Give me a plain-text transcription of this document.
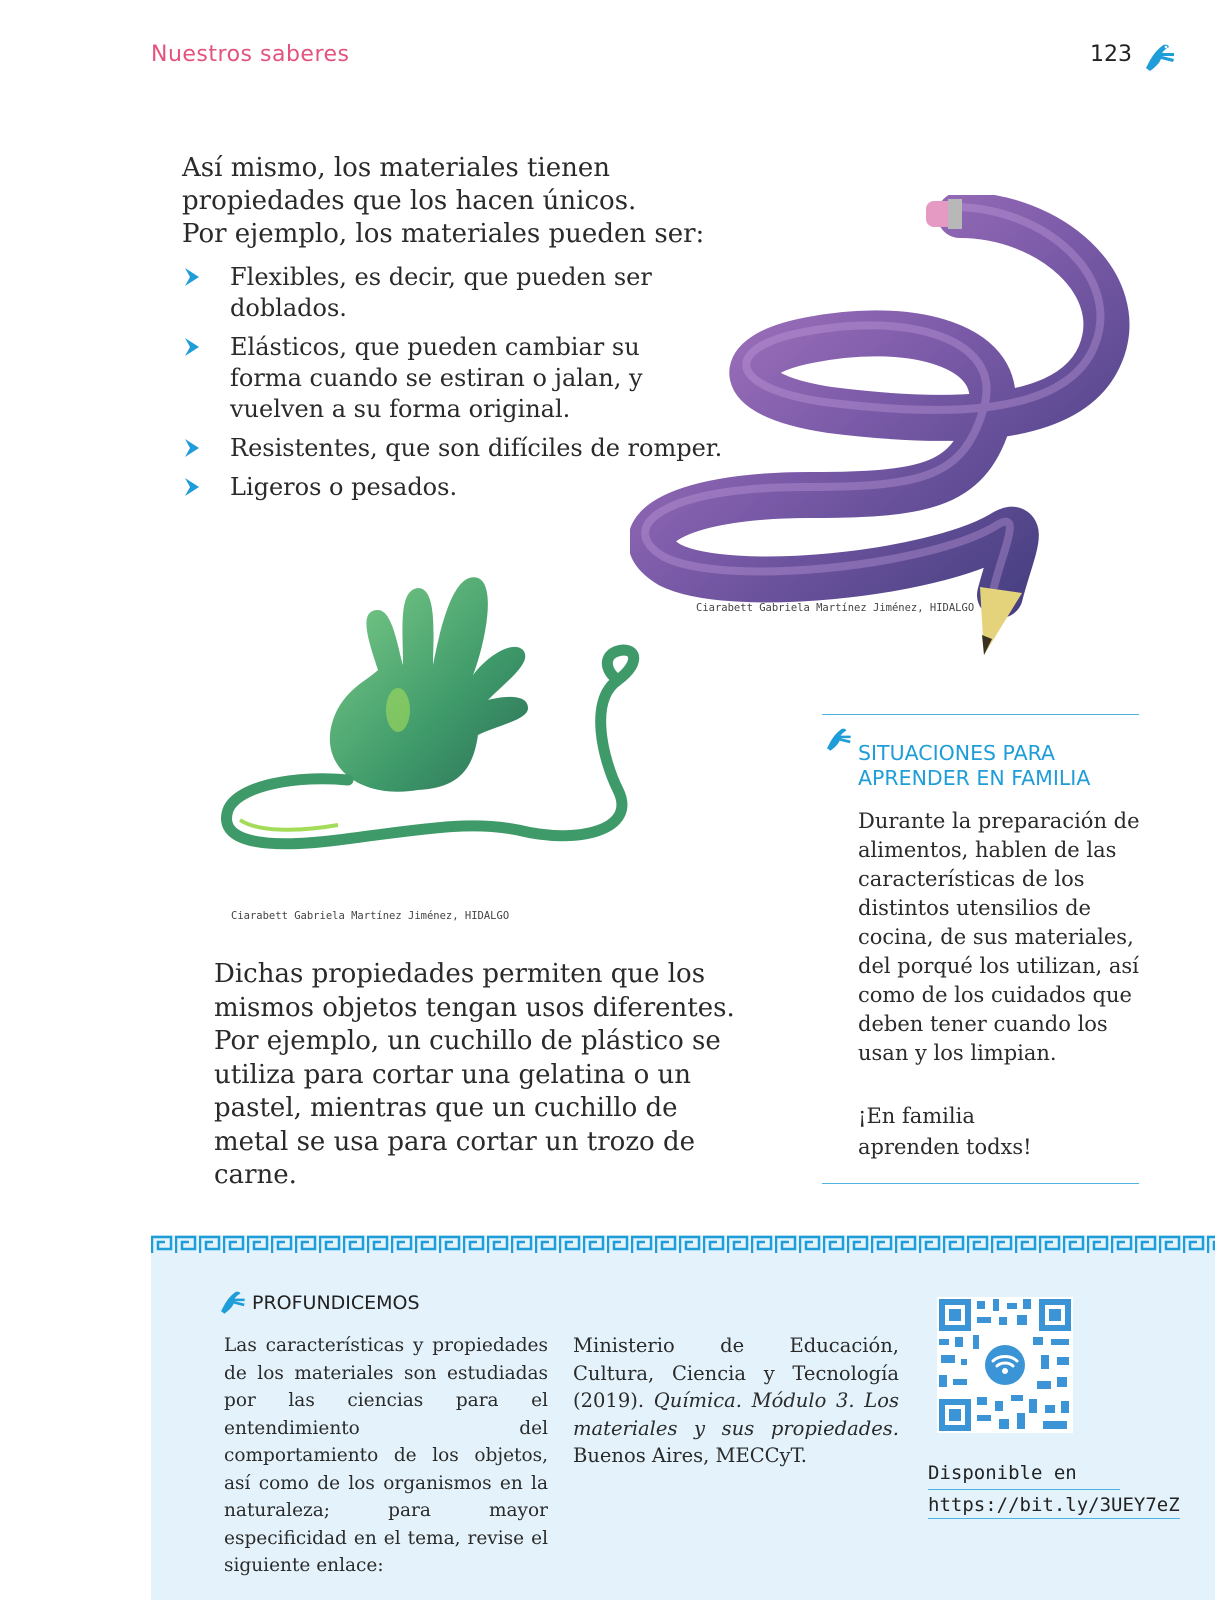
Nuestros saberes	123

Así mismo, los materiales tienen

propiedades que los hacen únicos.

Por ejemplo, los materiales pueden ser:

Flexibles, es decir, que pueden ser doblados.
Elásticos, que pueden cambiar su forma cuando se estiran o jalan, y vuelven a su forma original.
Resistentes, que son difíciles de romper.
Ligeros o pesados.
Ciarabett Gabriela Martínez Jiménez, HIDALGO
Ciarabett Gabriela Martínez Jiménez, HIDALGO

Dichas propiedades permiten que los mismos objetos tengan usos diferentes. Por ejemplo, un cuchillo de plástico se utiliza para cortar una gelatina o un pastel, mientras que un cuchillo de metal se usa para cortar un trozo de carne.

SITUACIONES PARA
APRENDER EN FAMILIA

Durante la preparación de alimentos, hablen de las características de los distintos utensilios de cocina, de sus materiales, del porqué los utilizan, así como de los cuidados que deben tener cuando los usan y los limpian.

¡En familia
aprenden todxs!
PROFUNDICEMOS

Las características y propiedades de los materiales son estudiadas por las ciencias para el entendimiento del comportamiento de los objetos, así como de los organismos en la naturaleza; para mayor especificidad en el tema, revise el siguiente enlace:

Ministerio de Educación, Cultura, Ciencia y Tecnología (2019). Química. Módulo 3. Los materiales y sus propiedades. Buenos Aires, MECCyT.

Disponible en
https://bit.ly/3UEY7eZ
